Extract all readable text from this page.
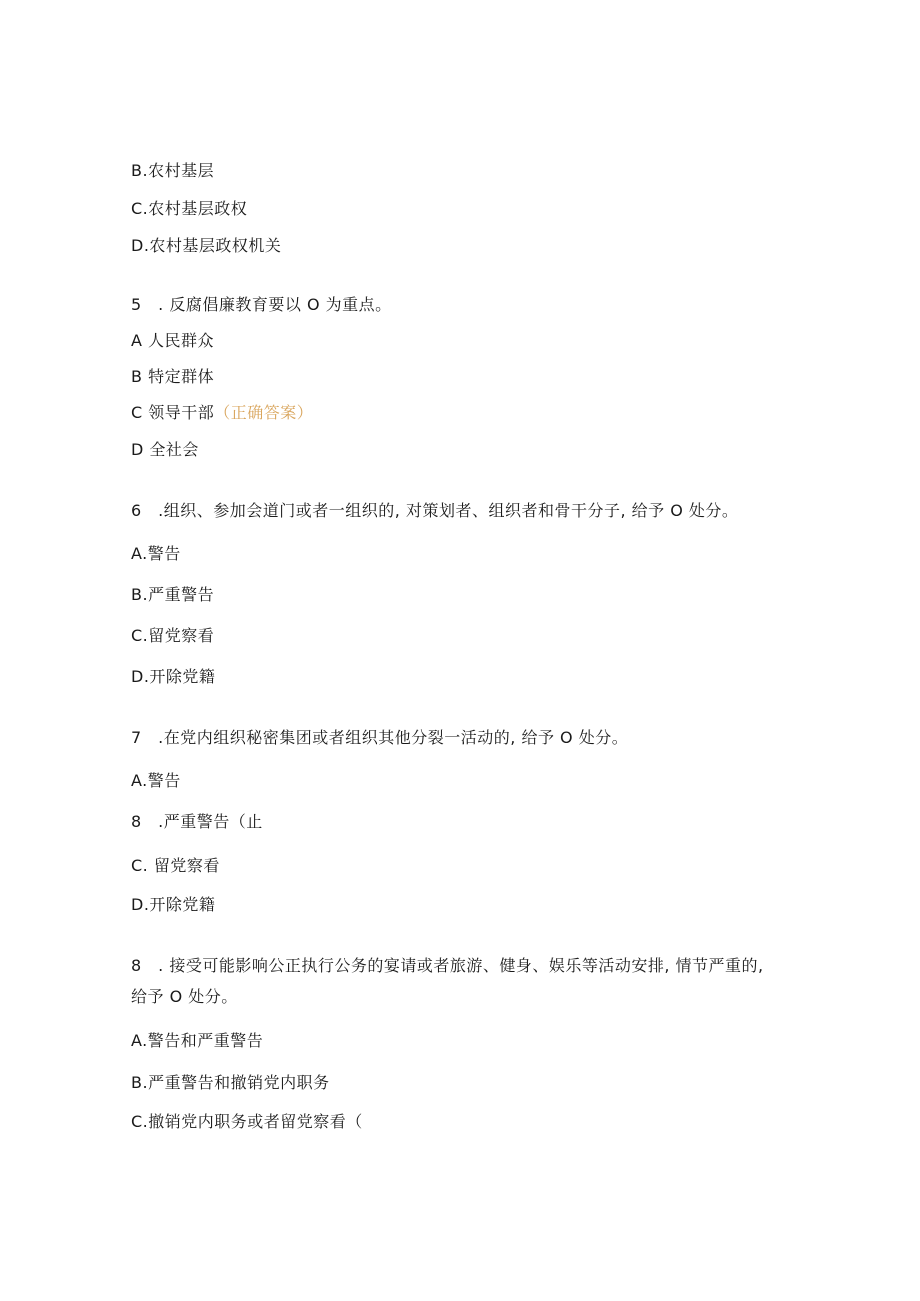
B.农村基层
C.农村基层政权
D.农村基层政权机关
5　. 反腐倡廉教育要以 O 为重点。
A 人民群众
B 特定群体
C 领导干部（正确答案）
D 全社会
6　.组织、参加会道门或者一组织的, 对策划者、组织者和骨干分子, 给予 O 处分。
A.警告
B.严重警告
C.留党察看
D.开除党籍
7　.在党内组织秘密集团或者组织其他分裂一活动的, 给予 O 处分。
A.警告
8　.严重警告（止
C. 留党察看
D.开除党籍
8　. 接受可能影响公正执行公务的宴请或者旅游、健身、娱乐等活动安排, 情节严重的,
给予 O 处分。
A.警告和严重警告
B.严重警告和撤销党内职务
C.撤销党内职务或者留党察看（
